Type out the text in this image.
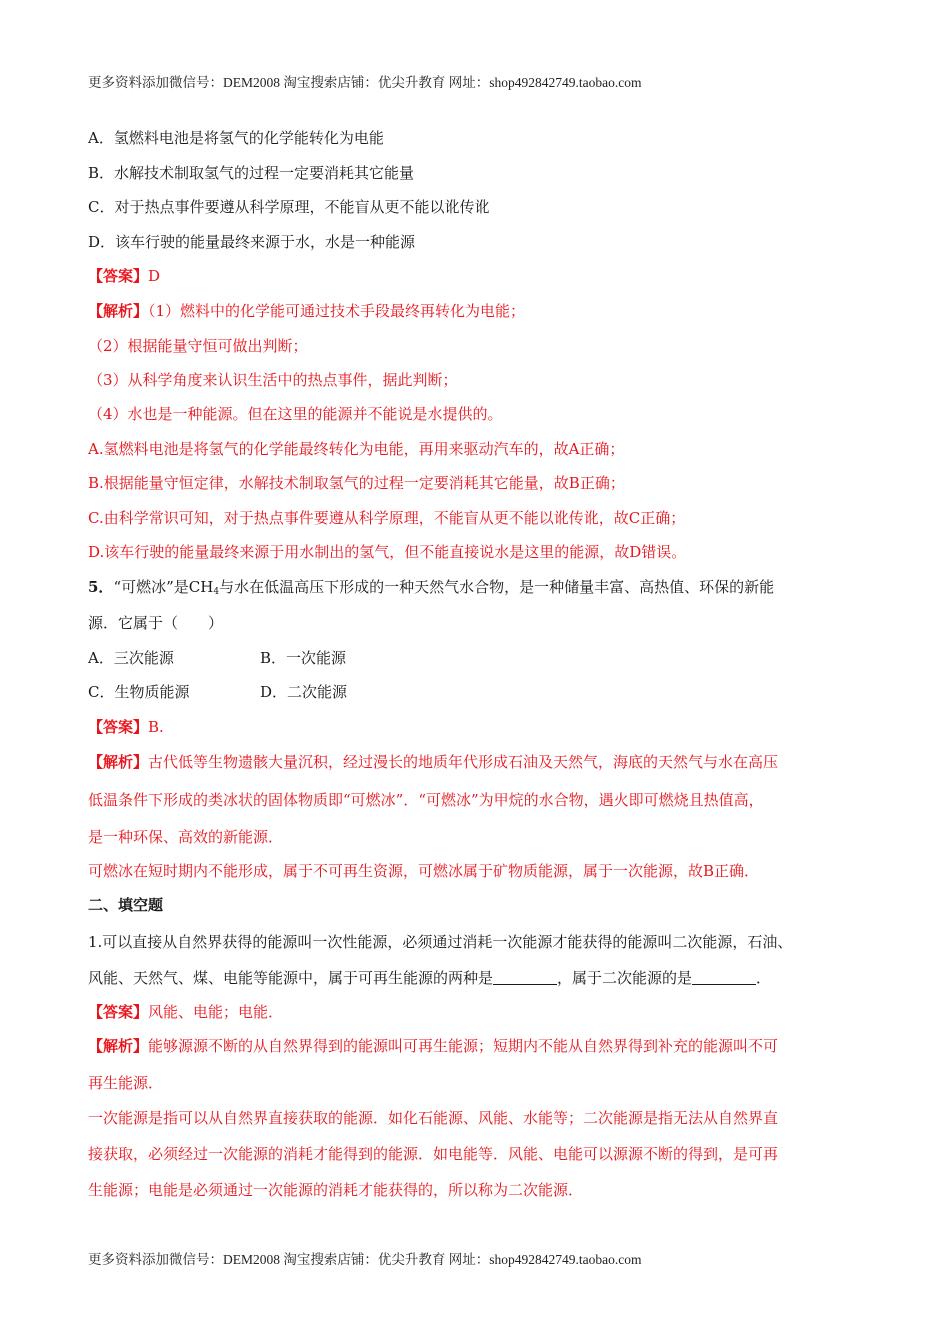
更多资料添加微信号：DEM2008 淘宝搜索店铺：优尖升教育 网址：shop492842749.taobao.com
A．氢燃料电池是将氢气的化学能转化为电能
B．水解技术制取氢气的过程一定要消耗其它能量
C．对于热点事件要遵从科学原理，不能盲从更不能以讹传讹
D．该车行驶的能量最终来源于水，水是一种能源
【答案】D
【解析】（1）燃料中的化学能可通过技术手段最终再转化为电能；
（2）根据能量守恒可做出判断；
（3）从科学角度来认识生活中的热点事件，据此判断；
（4）水也是一种能源。但在这里的能源并不能说是水提供的。
A.氢燃料电池是将氢气的化学能最终转化为电能，再用来驱动汽车的，故A正确；
B.根据能量守恒定律，水解技术制取氢气的过程一定要消耗其它能量，故B正确；
C.由科学常识可知，对于热点事件要遵从科学原理，不能盲从更不能以讹传讹，故C正确；
D.该车行驶的能量最终来源于用水制出的氢气，但不能直接说水是这里的能源，故D错误。
5．“可燃冰”是$CH_4$与水在低温高压下形成的一种天然气水合物，是一种储量丰富、高热值、环保的新能
源．它属于（　　）
A．三次能源	B．一次能源
C．生物质能源	D．二次能源
【答案】B.
【解析】古代低等生物遗骸大量沉积，经过漫长的地质年代形成石油及天然气，海底的天然气与水在高压
低温条件下形成的类冰状的固体物质即“可燃冰”．“可燃冰”为甲烷的水合物，遇火即可燃烧且热值高，
是一种环保、高效的新能源．
可燃冰在短时期内不能形成，属于不可再生资源，可燃冰属于矿物质能源，属于一次能源，故B正确．
二、填空题
1.可以直接从自然界获得的能源叫一次性能源，必须通过消耗一次能源才能获得的能源叫二次能源，石油、
风能、天然气、煤、电能等能源中，属于可再生能源的两种是	，属于二次能源的是	．
【答案】风能、电能；电能．
【解析】能够源源不断的从自然界得到的能源叫可再生能源；短期内不能从自然界得到补充的能源叫不可
再生能源．
一次能源是指可以从自然界直接获取的能源．如化石能源、风能、水能等；二次能源是指无法从自然界直
接获取，必须经过一次能源的消耗才能得到的能源．如电能等．风能、电能可以源源不断的得到，是可再
生能源；电能是必须通过一次能源的消耗才能获得的，所以称为二次能源．
更多资料添加微信号：DEM2008 淘宝搜索店铺：优尖升教育 网址：shop492842749.taobao.com
